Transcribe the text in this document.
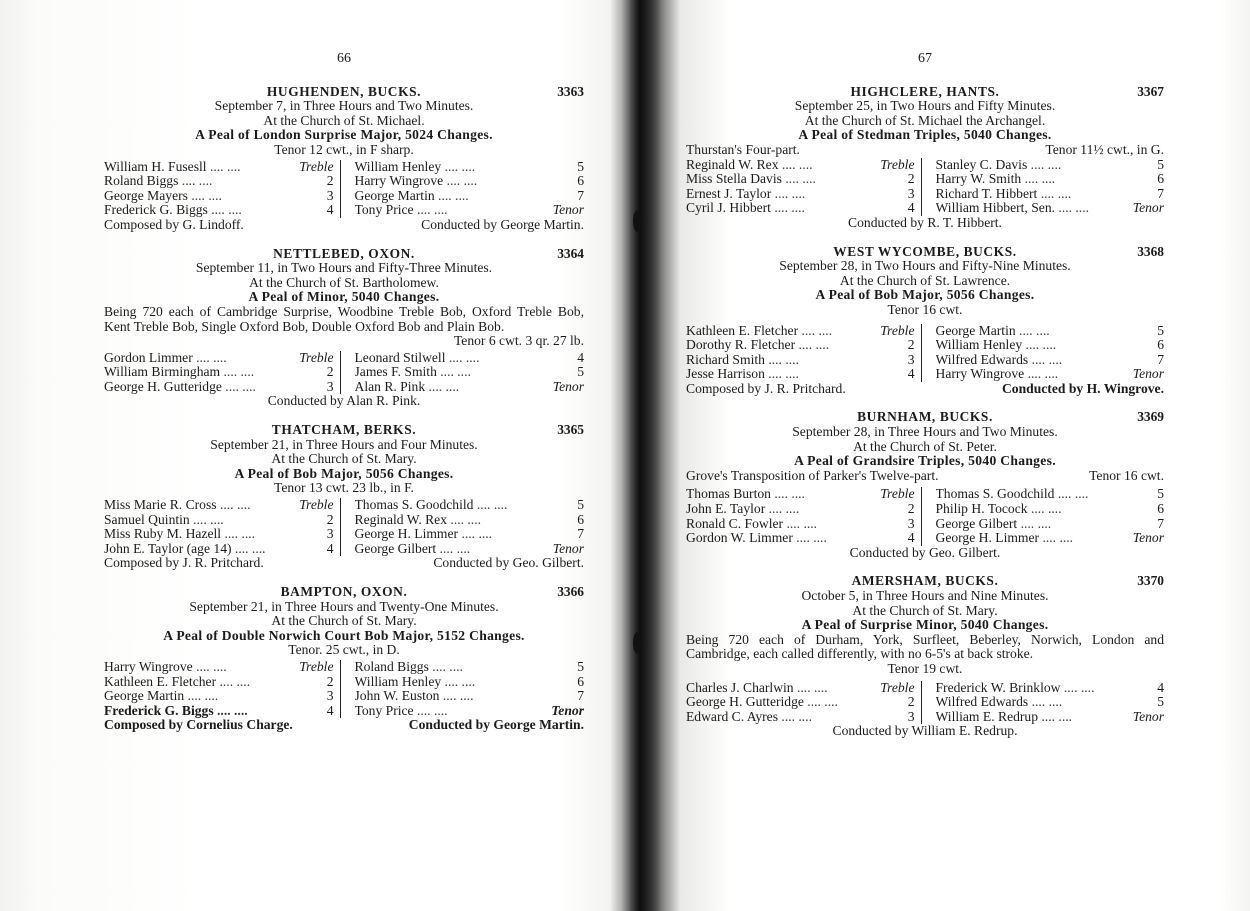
66
HUGHENDEN, BUCKS.	3363
September 7, in Three Hours and Two Minutes.
At the Church of St. Michael.
A Peal of London Surprise Major, 5024 Changes.
Tenor 12 cwt., in F sharp.
William H. Fusesll ....	Treble
Roland Biggs ....	2
George Mayers ....	3
Frederick G. Biggs ....	4
William Henley ....	5
Harry Wingrove ....	6
George Martin ....	7
Tony Price ....	Tenor
Composed by G. Lindoff.	Conducted by George Martin.
NETTLEBED, OXON.	3364
September 11, in Two Hours and Fifty-Three Minutes.
At the Church of St. Bartholomew.
A Peal of Minor, 5040 Changes.
Being 720 each of Cambridge Surprise, Woodbine Treble Bob, Oxford Treble Bob, Kent Treble Bob, Single Oxford Bob, Double Oxford Bob and Plain Bob.
Tenor 6 cwt. 3 qr. 27 lb.
Gordon Limmer ....	Treble
William Birmingham ....	2
George H. Gutteridge ....	3
Leonard Stilwell ....	4
James F. Smith ....	5
Alan R. Pink ....	Tenor
Conducted by Alan R. Pink.
THATCHAM, BERKS.	3365
September 21, in Three Hours and Four Minutes.
At the Church of St. Mary.
A Peal of Bob Major, 5056 Changes.
Tenor 13 cwt. 23 lb., in F.
Miss Marie R. Cross ....	Treble
Samuel Quintin ....	2
Miss Ruby M. Hazell ....	3
John E. Taylor (age 14) ....	4
Thomas S. Goodchild ....	5
Reginald W. Rex ....	6
George H. Limmer ....	7
George Gilbert ....	Tenor
Composed by J. R. Pritchard.	Conducted by Geo. Gilbert.
BAMPTON, OXON.	3366
September 21, in Three Hours and Twenty-One Minutes.
At the Church of St. Mary.
A Peal of Double Norwich Court Bob Major, 5152 Changes.
Tenor. 25 cwt., in D.
Harry Wingrove ....	Treble
Kathleen E. Fletcher ....	2
George Martin ....	3
Frederick G. Biggs ....	4
Roland Biggs ....	5
William Henley ....	6
John W. Euston ....	7
Tony Price ....	Tenor
Composed by Cornelius Charge.	Conducted by George Martin.
67
HIGHCLERE, HANTS.	3367
September 25, in Two Hours and Fifty Minutes.
At the Church of St. Michael the Archangel.
A Peal of Stedman Triples, 5040 Changes.
Thurstan's Four-part.	Tenor 11½ cwt., in G.
Reginald W. Rex ....	Treble
Miss Stella Davis ....	2
Ernest J. Taylor ....	3
Cyril J. Hibbert ....	4
Stanley C. Davis ....	5
Harry W. Smith ....	6
Richard T. Hibbert ....	7
William Hibbert, Sen. ....	Tenor
Conducted by R. T. Hibbert.
WEST WYCOMBE, BUCKS.	3368
September 28, in Two Hours and Fifty-Nine Minutes.
At the Church of St. Lawrence.
A Peal of Bob Major, 5056 Changes.
Tenor 16 cwt.
Kathleen E. Fletcher ....	Treble
Dorothy R. Fletcher ....	2
Richard Smith ....	3
Jesse Harrison ....	4
George Martin ....	5
William Henley ....	6
Wilfred Edwards ....	7
Harry Wingrove ....	Tenor
Composed by J. R. Pritchard.	Conducted by H. Wingrove.
BURNHAM, BUCKS.	3369
September 28, in Three Hours and Two Minutes.
At the Church of St. Peter.
A Peal of Grandsire Triples, 5040 Changes.
Grove's Transposition of Parker's Twelve-part.	Tenor 16 cwt.
Thomas Burton ....	Treble
John E. Taylor ....	2
Ronald C. Fowler ....	3
Gordon W. Limmer ....	4
Thomas S. Goodchild ....	5
Philip H. Tocock ....	6
George Gilbert ....	7
George H. Limmer ....	Tenor
Conducted by Geo. Gilbert.
AMERSHAM, BUCKS.	3370
October 5, in Three Hours and Nine Minutes.
At the Church of St. Mary.
A Peal of Surprise Minor, 5040 Changes.
Being 720 each of Durham, York, Surfleet, Beberley, Norwich, London and Cambridge, each called differently, with no 6-5's at back stroke.
Tenor 19 cwt.
Charles J. Charlwin ....	Treble
George H. Gutteridge ....	2
Edward C. Ayres ....	3
Frederick W. Brinklow ....	4
Wilfred Edwards ....	5
William E. Redrup ....	Tenor
Conducted by William E. Redrup.
